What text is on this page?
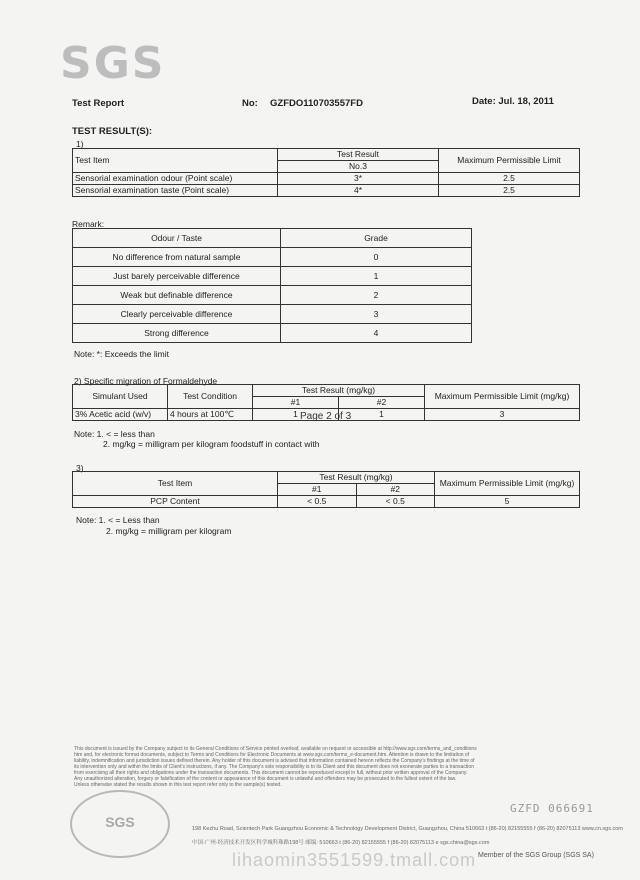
SGS
Test Report	No: GZFDO110703557FD	Date: Jul. 18, 2011
TEST RESULT(S):
1)
Test Item	Test Result	Maximum Permissible Limit
	No.3	
Sensorial examination odour (Point scale)	3*	2.5
Sensorial examination taste (Point scale)	4*	2.5
Remark:
Odour / Taste	Grade
No difference from natural sample	0
Just barely perceivable difference	1
Weak but definable difference	2
Clearly perceivable difference	3
Strong difference	4
Note: *: Exceeds the limit
2) Specific migration of Formaldehyde
Simulant Used	Test Condition	Test Result (mg/kg)		Maximum Permissible Limit (mg/kg)
		#1	#2	
3% Acetic acid (w/v)	4 hours at 100℃	1	1	3
Note: 1. < = less than
2. mg/kg = milligram per kilogram foodstuff in contact with
3)
Test Item	Test Result (mg/kg)		Maximum Permissible Limit (mg/kg)
	#1	#2	
PCP Content	< 0.5	< 0.5	5
Note: 1. < = Less than
2. mg/kg = milligram per kilogram
Page 2 of 3
This document is issued by the Company subject to its General Conditions of Service printed overleaf, available on request or accessible at http://www.sgs.com/terms_and_conditions
htm and, for electronic format documents, subject to Terms and Conditions for Electronic Documents at www.sgs.com/terms_e-document.htm. Attention is drawn to the limitation of
liability, indemnification and jurisdiction issues defined therein. Any holder of this document is advised that information contained hereon reflects the Company's findings at the time of
its intervention only and within the limits of Client's instructions, if any. The Company's sole responsibility is to its Client and this document does not exonerate parties to a transaction
from exercising all their rights and obligations under the transaction documents. This document cannot be reproduced except in full, without prior written approval of the Company.
Any unauthorized alteration, forgery or falsification of the content or appearance of this document is unlawful and offenders may be prosecuted to the fullest extent of the law.
Unless otherwise stated the results shown in this test report refer only to the sample(s) tested.
SGS	198 Kezhu Road, Scientech Park Guangzhou Economic & Technology Development District, Guangzhou, China 510663 t (86-20) 82155555 f (86-20) 82075113 www.cn.sgs.com
中国·广州·经济技术开发区科学城科珠路198号 邮编: 510663 t (86-20) 82155555 f (86-20) 82075113 e sgs.china@sgs.com
GZFD 066691
Member of the SGS Group (SGS SA)
lihaomin3551599.tmall.com
